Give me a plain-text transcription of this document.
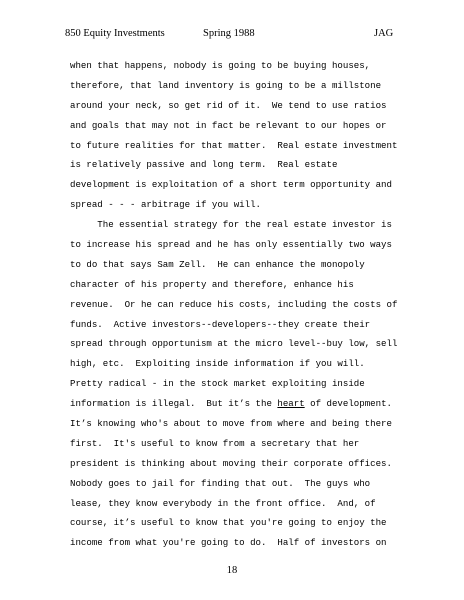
850 Equity Investments	Spring 1988	JAG
when that happens, nobody is going to be buying houses,
therefore, that land inventory is going to be a millstone
around your neck, so get rid of it.  We tend to use ratios
and goals that may not in fact be relevant to our hopes or
to future realities for that matter.  Real estate investment
is relatively passive and long term.  Real estate
development is exploitation of a short term opportunity and
spread - - - arbitrage if you will.
The essential strategy for the real estate investor is
to increase his spread and he has only essentially two ways
to do that says Sam Zell.  He can enhance the monopoly
character of his property and therefore, enhance his
revenue.  Or he can reduce his costs, including the costs of
funds.  Active investors--developers--they create their
spread through opportunism at the micro level--buy low, sell
high, etc.  Exploiting inside information if you will.
Pretty radical - in the stock market exploiting inside
information is illegal.  But it’s the heart of development.
It’s knowing who's about to move from where and being there
first.  It's useful to know from a secretary that her
president is thinking about moving their corporate offices.
Nobody goes to jail for finding that out.  The guys who
lease, they know everybody in the front office.  And, of
course, it’s useful to know that you're going to enjoy the
income from what you're going to do.  Half of investors on
18
